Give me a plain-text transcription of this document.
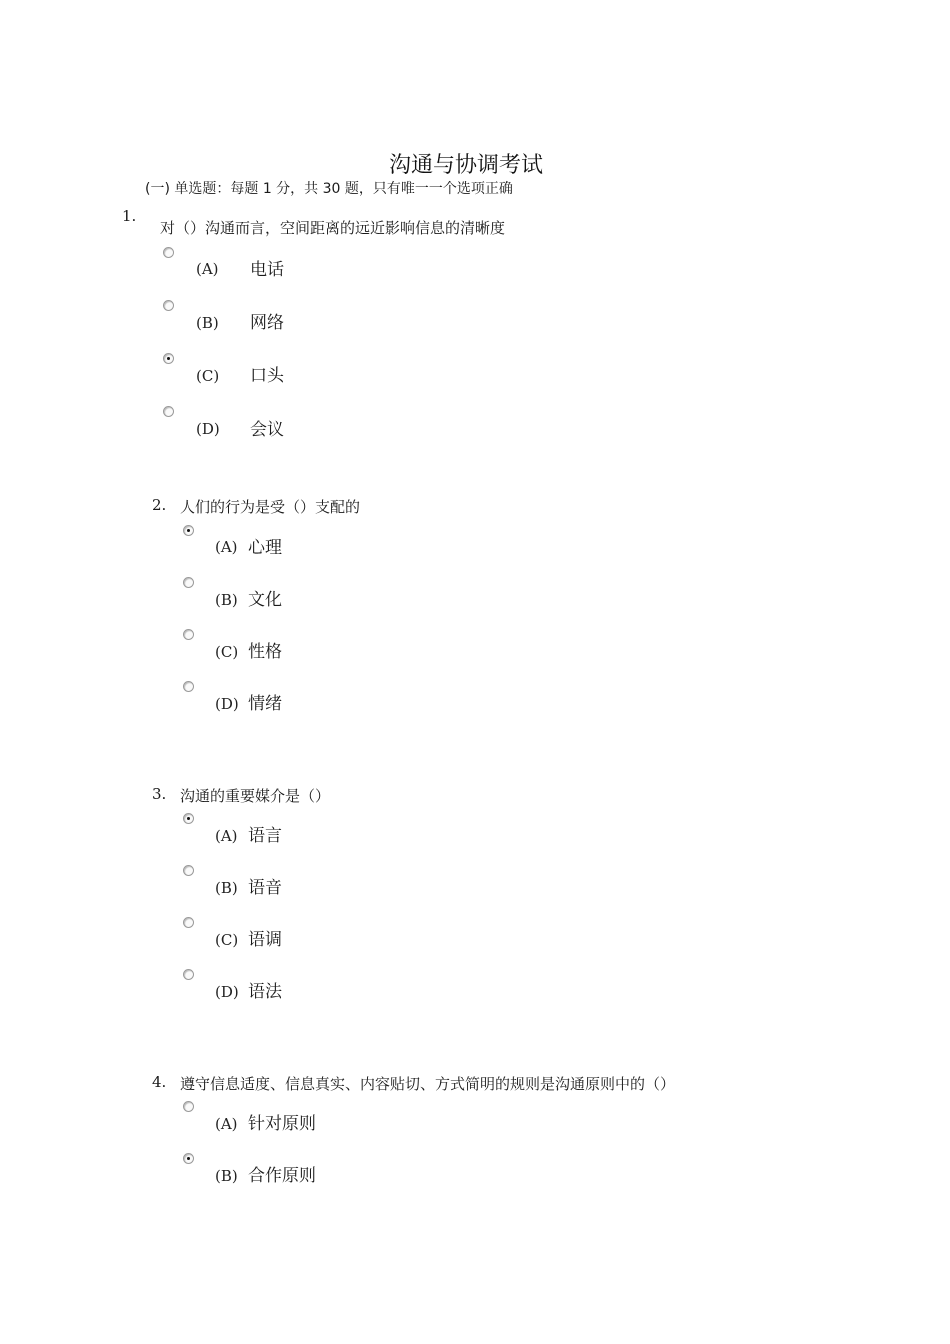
沟通与协调考试
(一) 单选题：每题 1 分，共 30 题，只有唯一一个选项正确
1.
对（）沟通而言，空间距离的远近影响信息的清晰度
(A) 电话
(B) 网络
(C) 口头
(D) 会议
2. 人们的行为是受（）支配的
(A) 心理
(B) 文化
(C) 性格
(D) 情绪
3. 沟通的重要媒介是（）
(A) 语言
(B) 语音
(C) 语调
(D) 语法
4. 遵守信息适度、信息真实、内容贴切、方式简明的规则是沟通原则中的（）
(A) 针对原则
(B) 合作原则
